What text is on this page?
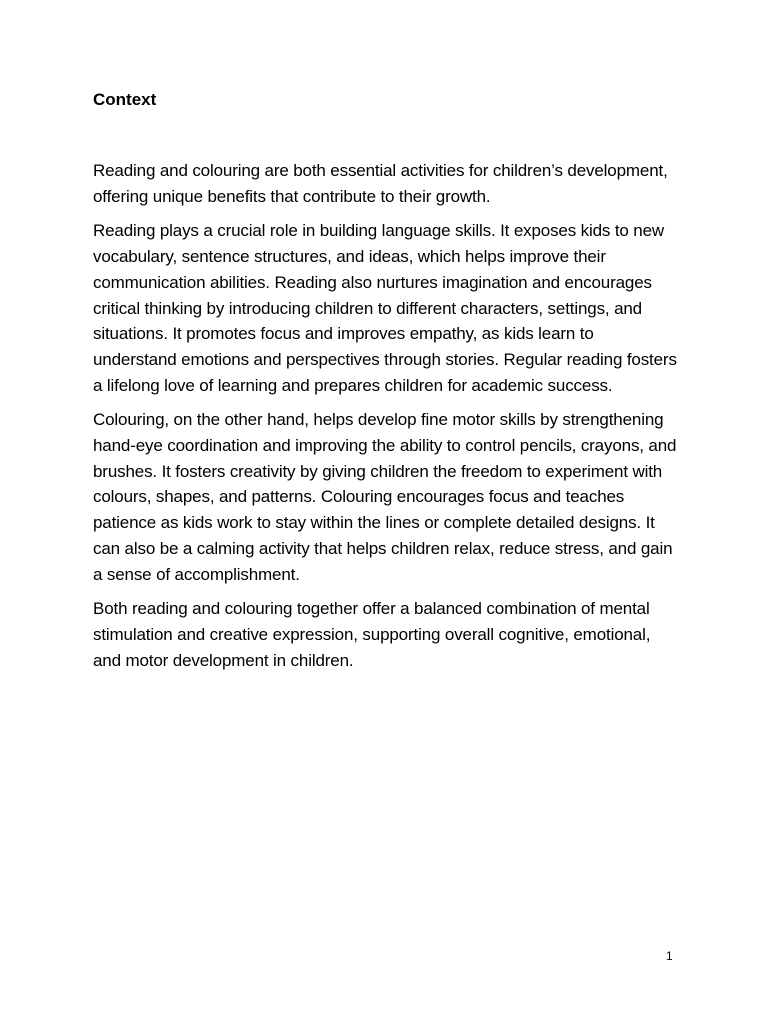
Context

Reading and colouring are both essential activities for children’s development, offering unique benefits that contribute to their growth.

Reading plays a crucial role in building language skills. It exposes kids to new vocabulary, sentence structures, and ideas, which helps improve their communication abilities. Reading also nurtures imagination and encourages critical thinking by introducing children to different characters, settings, and situations. It promotes focus and improves empathy, as kids learn to understand emotions and perspectives through stories. Regular reading fosters a lifelong love of learning and prepares children for academic success.

Colouring, on the other hand, helps develop fine motor skills by strengthening hand-eye coordination and improving the ability to control pencils, crayons, and brushes. It fosters creativity by giving children the freedom to experiment with colours, shapes, and patterns. Colouring encourages focus and teaches patience as kids work to stay within the lines or complete detailed designs. It can also be a calming activity that helps children relax, reduce stress, and gain a sense of accomplishment.

Both reading and colouring together offer a balanced combination of mental stimulation and creative expression, supporting overall cognitive, emotional, and motor development in children.

1
